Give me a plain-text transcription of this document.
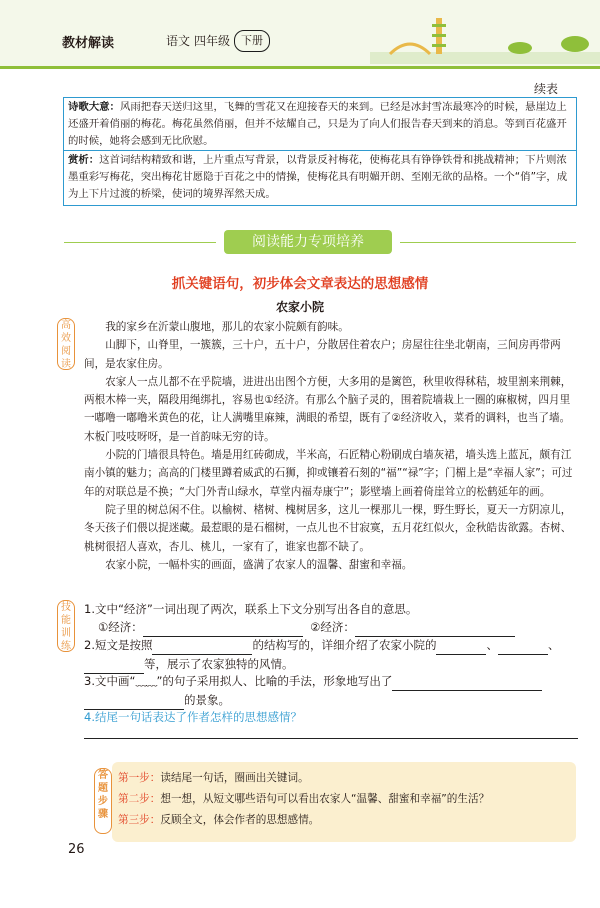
教材解读	语文 四年级 下册
续表
诗歌大意：风雨把春天送归这里，飞舞的雪花又在迎接春天的来到。已经是冰封雪冻最寒冷的时候，悬崖边上还盛开着俏丽的梅花。梅花虽然俏丽，但并不炫耀自己，只是为了向人们报告春天到来的消息。等到百花盛开的时候，她将会感到无比欣慰。
赏析：这首词结构精致和谐，上片重点写背景，以背景反衬梅花，使梅花具有铮铮铁骨和挑战精神；下片则浓墨重彩写梅花，突出梅花甘愿隐于百花之中的情操，使梅花具有明媚开朗、至刚无欲的品格。一个“俏”字，成为上下片过渡的桥梁，使词的境界浑然天成。
阅读能力专项培养
抓关键语句，初步体会文章表达的思想感情
农家小院
高效阅读
技能训练

我的家乡在沂蒙山腹地，那儿的农家小院颇有韵味。

山脚下，山脊里，一簇簇，三十户，五十户，分散居住着农户；房屋往往坐北朝南，三间房再带两间，是农家住房。

农家人一点儿都不在乎院墙，进进出出图个方便，大多用的是篱笆，秋里收得秫秸，坡里割来荆棘，两根木棒一夹，隔段用绳绑扎，容易也①经济。有那么个脑子灵的，围着院墙栽上一圈的麻椒树，四月里一嘟噜一嘟噜米黄色的花，让人满嘴里麻辣，满眼的希望，既有了②经济收入，菜肴的调料，也当了墙。木板门吱吱呀呀，是一首韵味无穷的诗。

小院的门墙很具特色。墙是用红砖砌成，半米高，石匠精心粉刷成白墙灰裙，墙头选上蓝瓦，颇有江南小镇的魅力；高高的门楼里蹲着威武的石狮，抑或镶着石刻的“福”“禄”字；门楣上是“幸福人家”；可过年的对联总是不换；“大门外青山绿水，草堂内福寿康宁”；影壁墙上画着倚崖耸立的松鹤延年的画。

院子里的树总闲不住。以榆树、楮树、槐树居多，这儿一棵那儿一棵，野生野长，夏天一方阴凉儿，冬天孩子们偎以捉迷藏。最惹眼的是石榴树，一点儿也不甘寂寞，五月花红似火，金秋皓齿欲露。杏树、桃树很招人喜欢，杏儿、桃儿，一家有了，谁家也都不缺了。

农家小院，一幅朴实的画面，盛满了农家人的温馨、甜蜜和幸福。

1.文中“经济”一词出现了两次，联系上下文分别写出各自的意思。
①经济：	②经济：
2.短文是按照	的结构写的，详细介绍了农家小院的	、	、
等，展示了农家独特的风情。
3.文中画“﹏﹏”的句子采用拟人、比喻的手法，形象地写出了
的景象。
4.结尾一句话表达了作者怎样的思想感情？
答题步骤
第一步：读结尾一句话，圈画出关键词。
第二步：想一想，从短文哪些语句可以看出农家人“温馨、甜蜜和幸福”的生活？
第三步：反顾全文，体会作者的思想感情。
26
